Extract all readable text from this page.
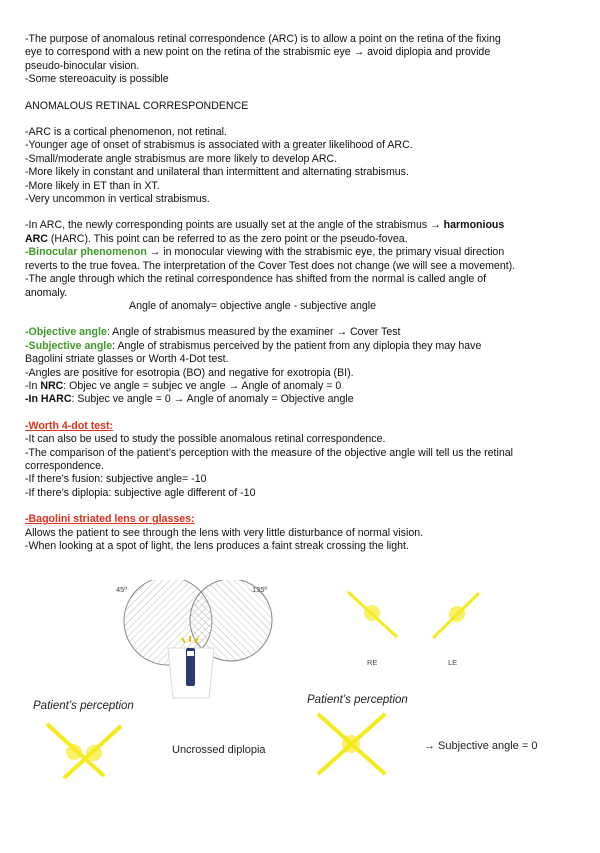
-The purpose of anomalous retinal correspondence (ARC) is to allow a point on the retina of the fixing

eye to correspond with a new point on the retina of the strabismic eye → avoid diplopia and provide

pseudo-binocular vision.

-Some stereoacuity is possible

ANOMALOUS RETINAL CORRESPONDENCE

-ARC is a cortical phenomenon, not retinal.

-Younger age of onset of strabismus is associated with a greater likelihood of ARC.

-Small/moderate angle strabismus are more likely to develop ARC.

-More likely in constant and unilateral than intermittent and alternating strabismus.

-More likely in ET than in XT.

-Very uncommon in vertical strabismus.

-In ARC, the newly corresponding points are usually set at the angle of the strabismus → harmonious

ARC (HARC). This point can be referred to as the zero point or the pseudo-fovea.

-Binocular phenomenon → in monocular viewing with the strabismic eye, the primary visual direction

reverts to the true fovea. The interpretation of the Cover Test does not change (we will see a movement).

-The angle through which the retinal correspondence has shifted from the normal is called angle of

anomaly.

Angle of anomaly= objective angle - subjective angle

-Objective angle: Angle of strabismus measured by the examiner → Cover Test

-Subjective angle: Angle of strabismus perceived by the patient from any diplopia they may have

Bagolini striate glasses or Worth 4-Dot test.

-Angles are positive for esotropia (BO) and negative for exotropia (BI).

-In NRC: Objec ve angle = subjec ve angle → Angle of anomaly = 0

-In HARC: Subjec ve angle = 0 → Angle of anomaly = Objective angle

-Worth 4-dot test:

-It can also be used to study the possible anomalous retinal correspondence.

-The comparison of the patient’s perception with the measure of the objective angle will tell us the retinal

correspondence.

-If there’s fusion: subjective angle= -10

-If there’s diplopia: subjective agle different of -10

-Bagolini striated lens or glasses:

Allows the patient to see through the lens with very little disturbance of normal vision.

-When looking at a spot of light, the lens produces a faint streak crossing the light.

45º	135º
RE	LE
Patient’s perception	Patient’s perception
Uncrossed diplopia	→ Subjective angle = 0
